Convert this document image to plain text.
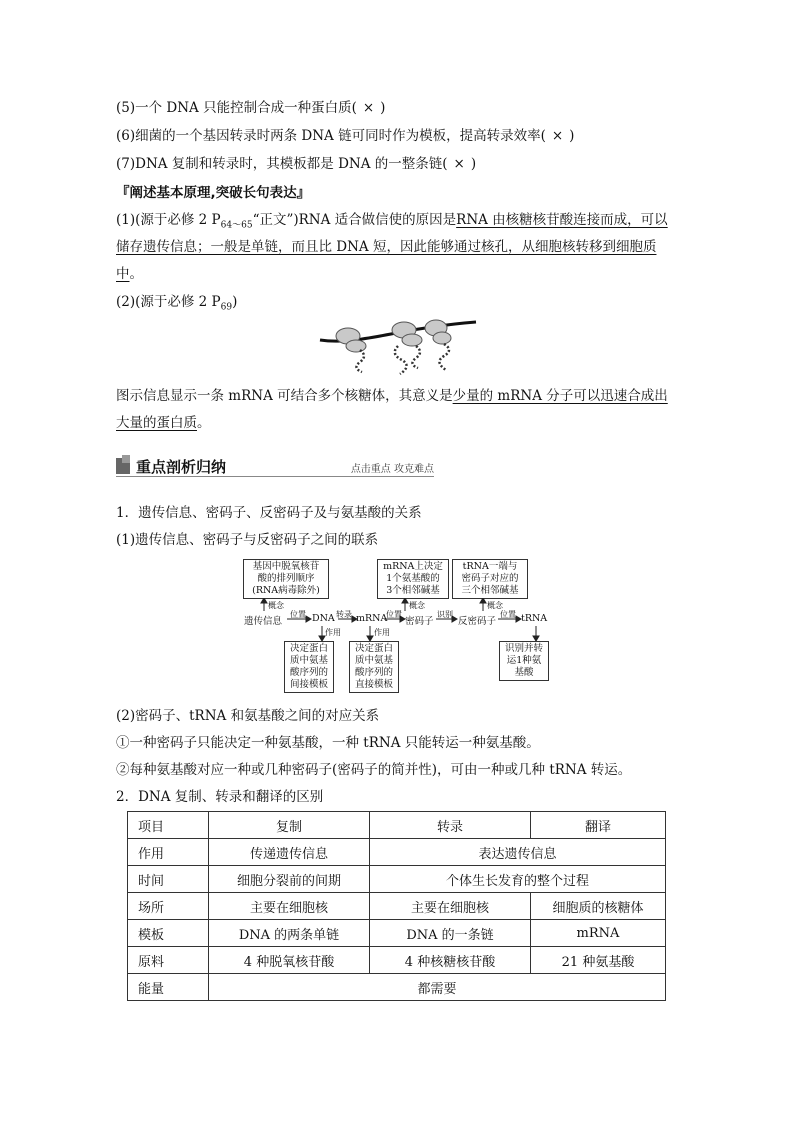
(5)一个 DNA 只能控制合成一种蛋白质( × )
(6)细菌的一个基因转录时两条 DNA 链可同时作为模板，提高转录效率( × )
(7)DNA 复制和转录时，其模板都是 DNA 的一整条链( × )
『阐述基本原理,突破长句表达』
(1)(源于必修 2 $P_{64\sim 65}“$正文”)RNA 适合做信使的原因是RNA 由核糖核苷酸连接而成，可以
储存遗传信息；一般是单链，而且比 DNA 短，因此能够通过核孔，从细胞核转移到细胞质
中。
(2)(源于必修 2 $P_{69}$)
图示信息显示一条 mRNA 可结合多个核糖体，其意义是少量的 mRNA 分子可以迅速合成出
大量的蛋白质。
重点剖析归纳	点击重点 攻克难点
1．遗传信息、密码子、反密码子及与氨基酸的关系
(1)遗传信息、密码子与反密码子之间的联系
基因中脱氧核苷
酸的排列顺序
(RNA病毒除外)
mRNA上决定
1个氨基酸的
3个相邻碱基
tRNA一端与
密码子对应的
三个相邻碱基
概念	概念	概念
位置	转录	位置	识别	位置
遗传信息	DNA mRNA 密码子	反密码子	tRNA
作用	作用
决定蛋白
质中氨基
酸序列的
间接模板
决定蛋白
质中氨基
酸序列的
直接模板
识别并转
运1种氨
基酸
(2)密码子、tRNA 和氨基酸之间的对应关系
①一种密码子只能决定一种氨基酸，一种 tRNA 只能转运一种氨基酸。
②每种氨基酸对应一种或几种密码子(密码子的简并性)，可由一种或几种 tRNA 转运。
2．DNA 复制、转录和翻译的区别
项目	复制	转录	翻译
作用	传递遗传信息	表达遗传信息	
时间	细胞分裂前的间期	个体生长发育的整个过程	
场所	主要在细胞核	主要在细胞核	细胞质的核糖体
模板	DNA 的两条单链	DNA 的一条链	mRNA
原料	4 种脱氧核苷酸	4 种核糖核苷酸	21 种氨基酸
能量	都需要		
